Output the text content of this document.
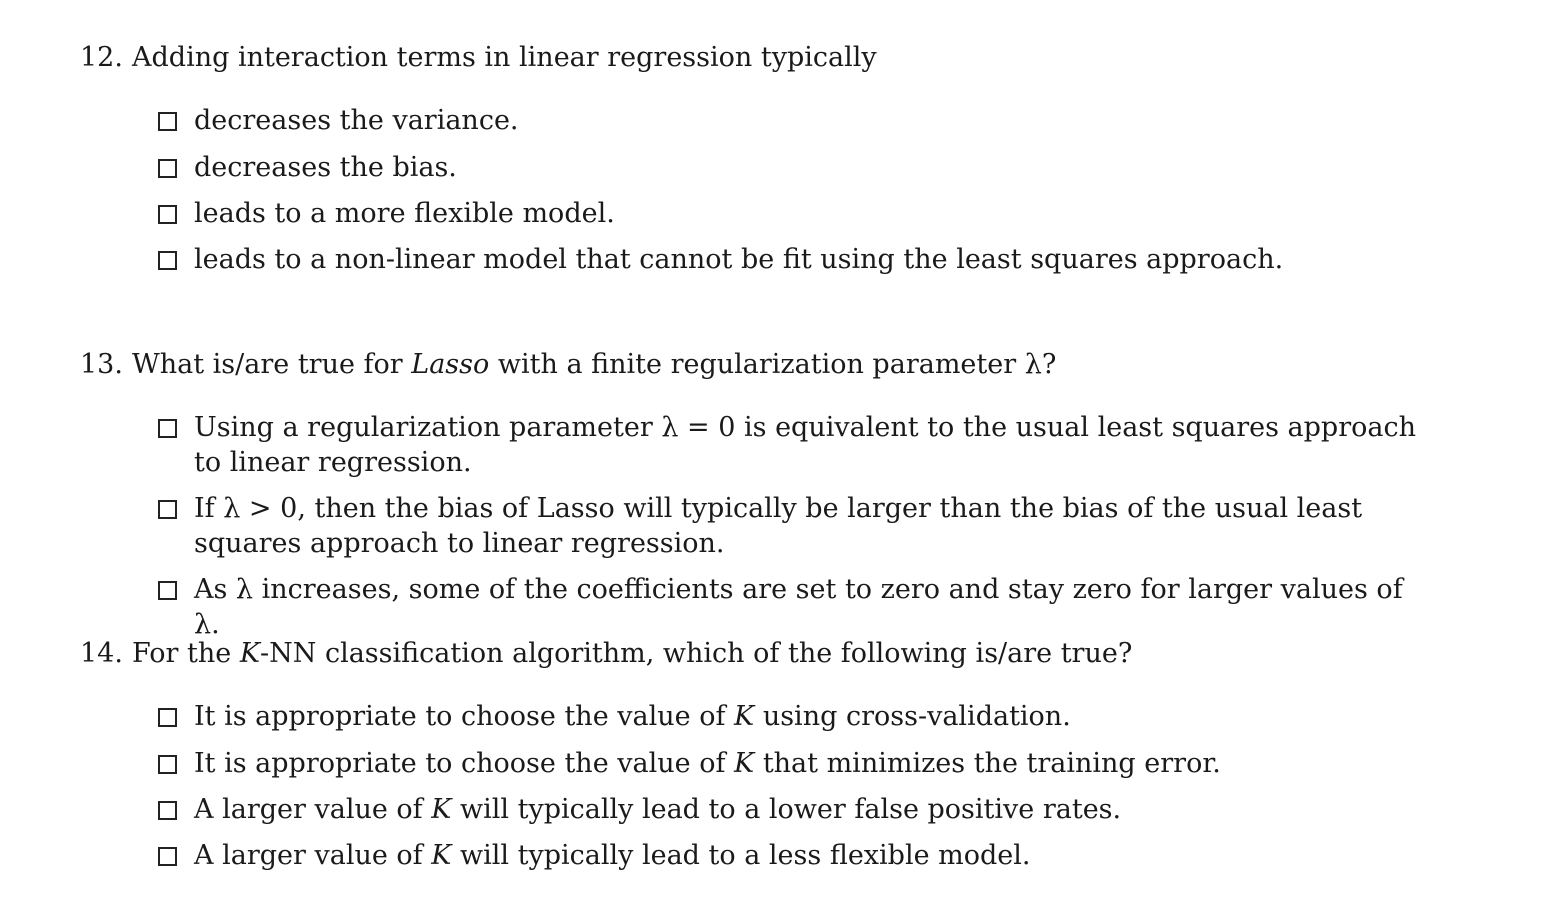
12. Adding interaction terms in linear regression typically
decreases the variance.
decreases the bias.
leads to a more flexible model.
leads to a non-linear model that cannot be fit using the least squares approach.
13. What is/are true for Lasso with a finite regularization parameter λ?
Using a regularization parameter λ = 0 is equivalent to the usual least squares approach to linear regression.
If λ > 0, then the bias of Lasso will typically be larger than the bias of the usual least squares approach to linear regression.
As λ increases, some of the coefficients are set to zero and stay zero for larger values of λ.
14. For the K-NN classification algorithm, which of the following is/are true?
It is appropriate to choose the value of K using cross-validation.
It is appropriate to choose the value of K that minimizes the training error.
A larger value of K will typically lead to a lower false positive rates.
A larger value of K will typically lead to a less flexible model.
